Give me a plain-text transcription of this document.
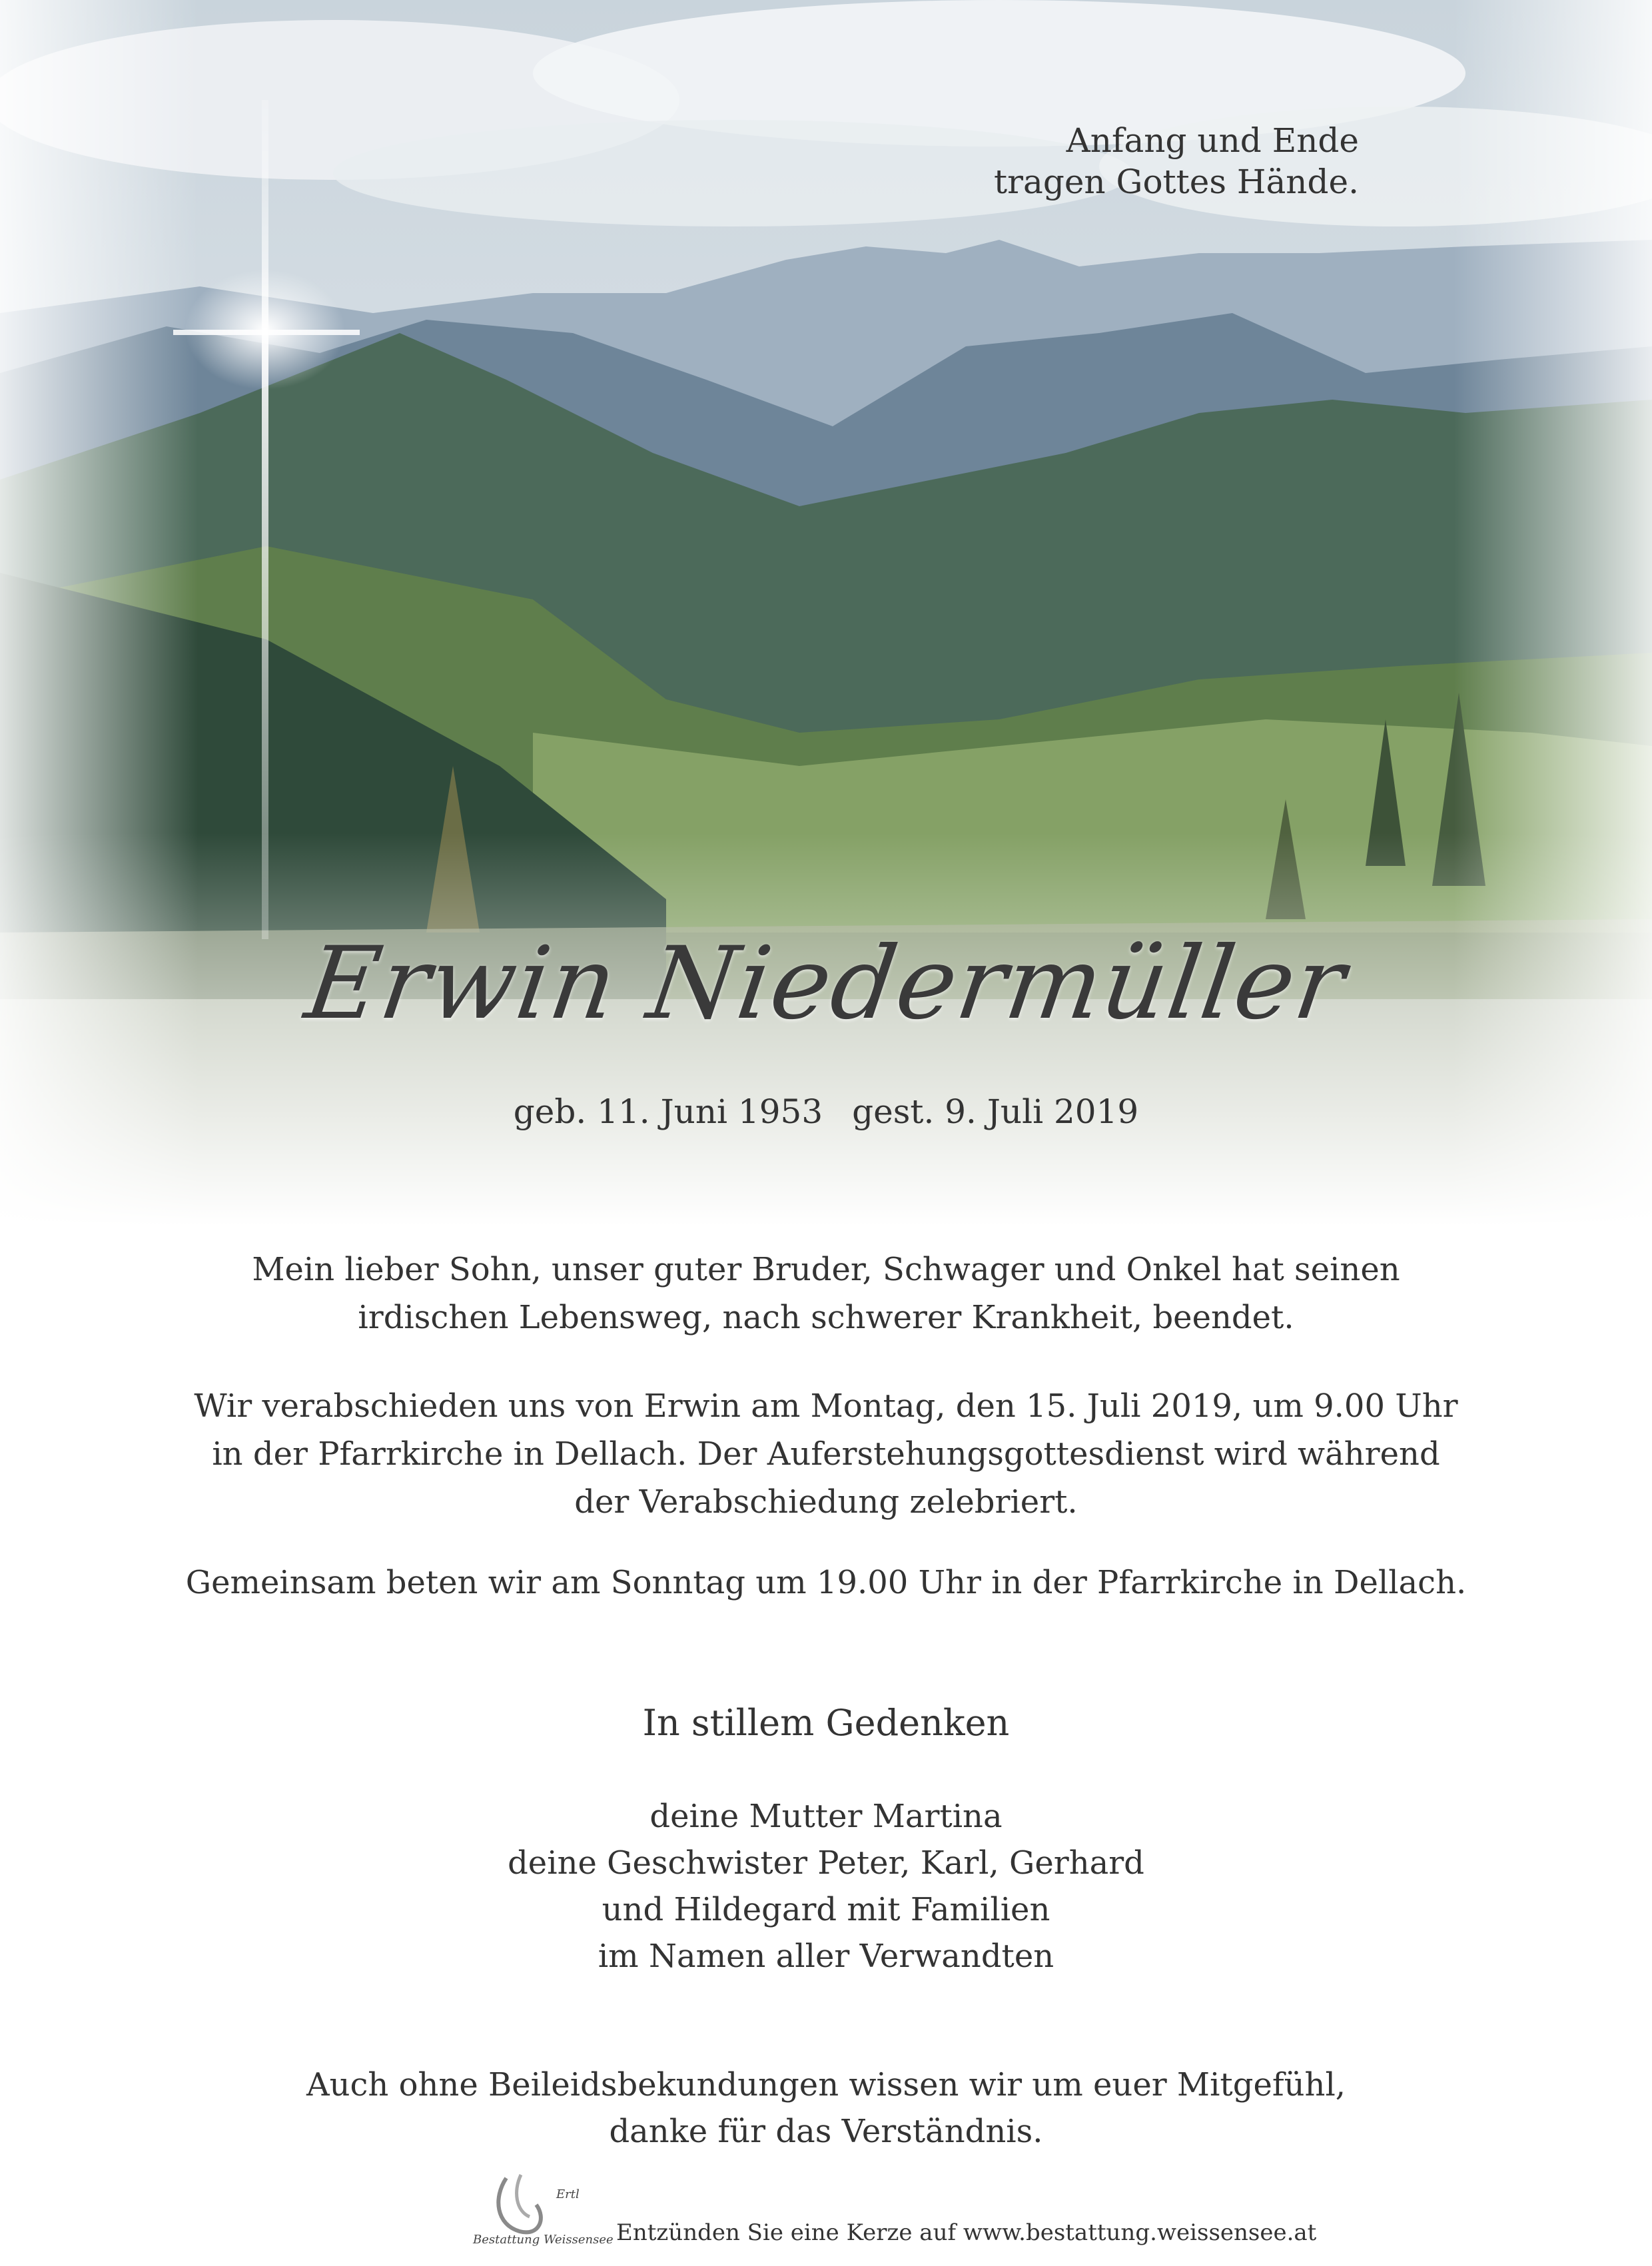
Anfang und Ende
tragen Gottes Hände.
Erwin Niedermüller
geb. 11. Juni 1953 gest. 9. Juli 2019
Mein lieber Sohn, unser guter Bruder, Schwager und Onkel hat seinen
irdischen Lebensweg, nach schwerer Krankheit, beendet.
Wir verabschieden uns von Erwin am Montag, den 15. Juli 2019, um 9.00 Uhr
in der Pfarrkirche in Dellach. Der Auferstehungsgottesdienst wird während
der Verabschiedung zelebriert.
Gemeinsam beten wir am Sonntag um 19.00 Uhr in der Pfarrkirche in Dellach.
In stillem Gedenken
deine Mutter Martina
deine Geschwister Peter, Karl, Gerhard
und Hildegard mit Familien
im Namen aller Verwandten
Auch ohne Beileidsbekundungen wissen wir um euer Mitgefühl,
danke für das Verständnis.
Ertl
Bestattung Weissensee Entzünden Sie eine Kerze auf www.bestattung.weissensee.at
